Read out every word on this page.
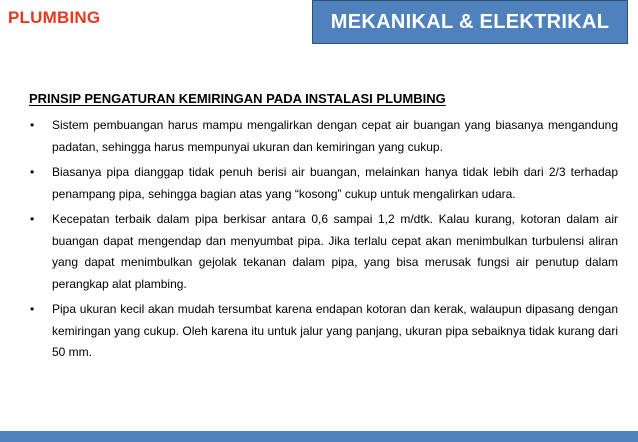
PLUMBING	MEKANIKAL & ELEKTRIKAL
PRINSIP PENGATURAN KEMIRINGAN PADA INSTALASI PLUMBING
• Sistem pembuangan harus mampu mengalirkan dengan cepat air buangan yang biasanya mengandung padatan, sehingga harus mempunyai ukuran dan kemiringan yang cukup.
• Biasanya pipa dianggap tidak penuh berisi air buangan, melainkan hanya tidak lebih dari 2/3 terhadap penampang pipa, sehingga bagian atas yang “kosong” cukup untuk mengalirkan udara.
• Kecepatan terbaik dalam pipa berkisar antara 0,6 sampai 1,2 m/dtk. Kalau kurang, kotoran dalam air buangan dapat mengendap dan menyumbat pipa. Jika terlalu cepat akan menimbulkan turbulensi aliran yang dapat menimbulkan gejolak tekanan dalam pipa, yang bisa merusak fungsi air penutup dalam perangkap alat plambing.
• Pipa ukuran kecil akan mudah tersumbat karena endapan kotoran dan kerak, walaupun dipasang dengan kemiringan yang cukup. Oleh karena itu untuk jalur yang panjang, ukuran pipa sebaiknya tidak kurang dari 50 mm.
